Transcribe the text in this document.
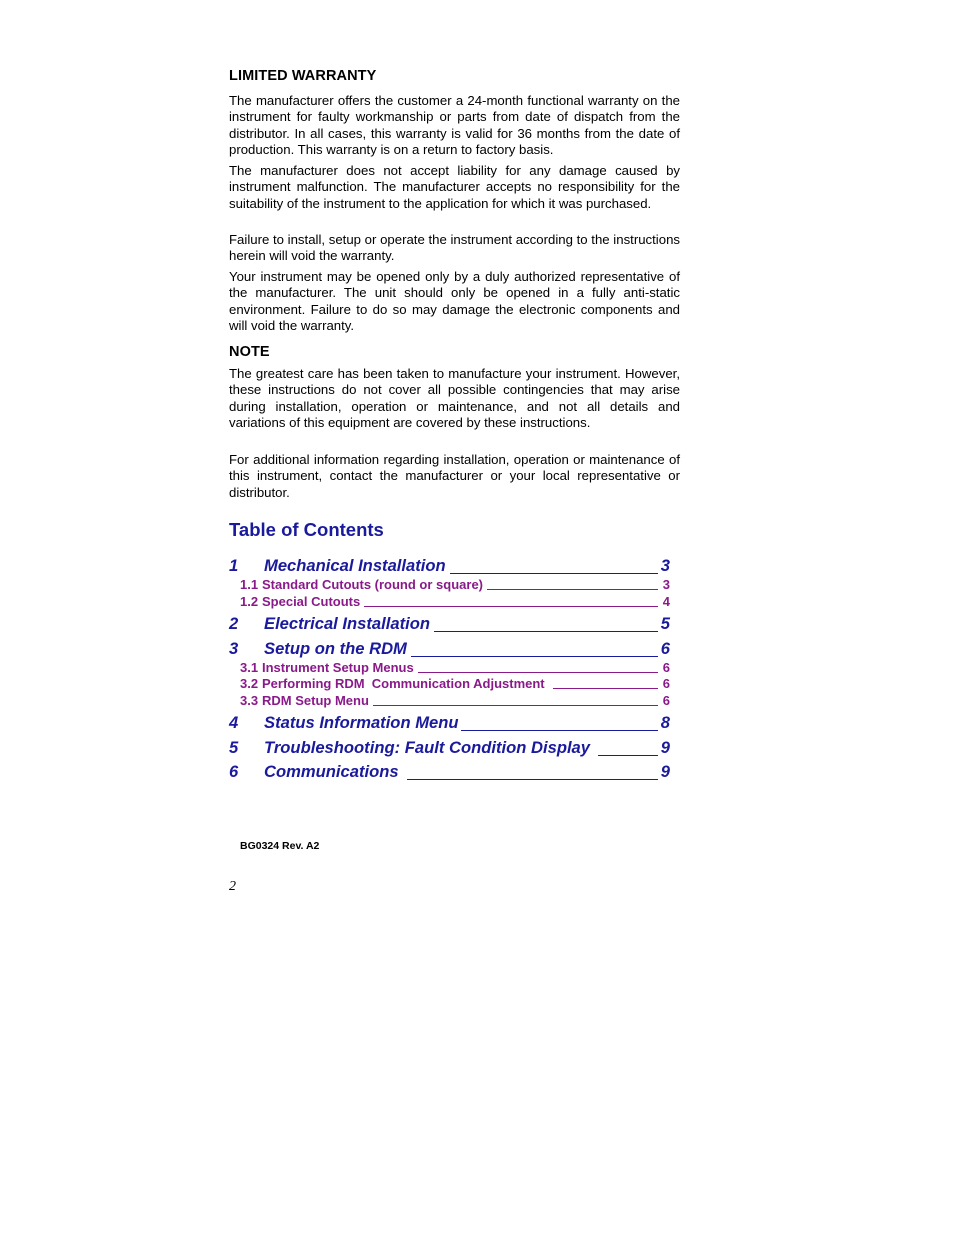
LIMITED WARRANTY

The manufacturer offers the customer a 24-month functional warranty on the instrument for faulty workmanship or parts from date of dispatch from the distributor. In all cases, this warranty is valid for 36 months from the date of production. This warranty is on a return to factory basis.

The manufacturer does not accept liability for any damage caused by instrument malfunction. The manufacturer accepts no responsibility for the suitability of the instrument to the application for which it was purchased.

Failure to install, setup or operate the instrument according to the instructions herein will void the warranty.

Your instrument may be opened only by a duly authorized representative of the manufacturer. The unit should only be opened in a fully anti-static environment. Failure to do so may damage the electronic components and will void the warranty.

NOTE

The greatest care has been taken to manufacture your instrument. However, these instructions do not cover all possible contingencies that may arise during installation, operation or maintenance, and not all details and variations of this equipment are covered by these instructions.

For additional information regarding installation, operation or maintenance of this instrument, contact the manufacturer or your local representative or distributor.

Table of Contents
1	Mechanical Installation	3
1.1 Standard Cutouts (round or square)	3
1.2 Special Cutouts	4
2	Electrical Installation	5
3	Setup on the RDM	6
3.1 Instrument Setup Menus	6
3.2 Performing RDM  Communication Adjustment	6
3.3 RDM Setup Menu	6
4	Status Information Menu	8
5	Troubleshooting: Fault Condition Display	9
6	Communications	9
BG0324 Rev. A2
2
